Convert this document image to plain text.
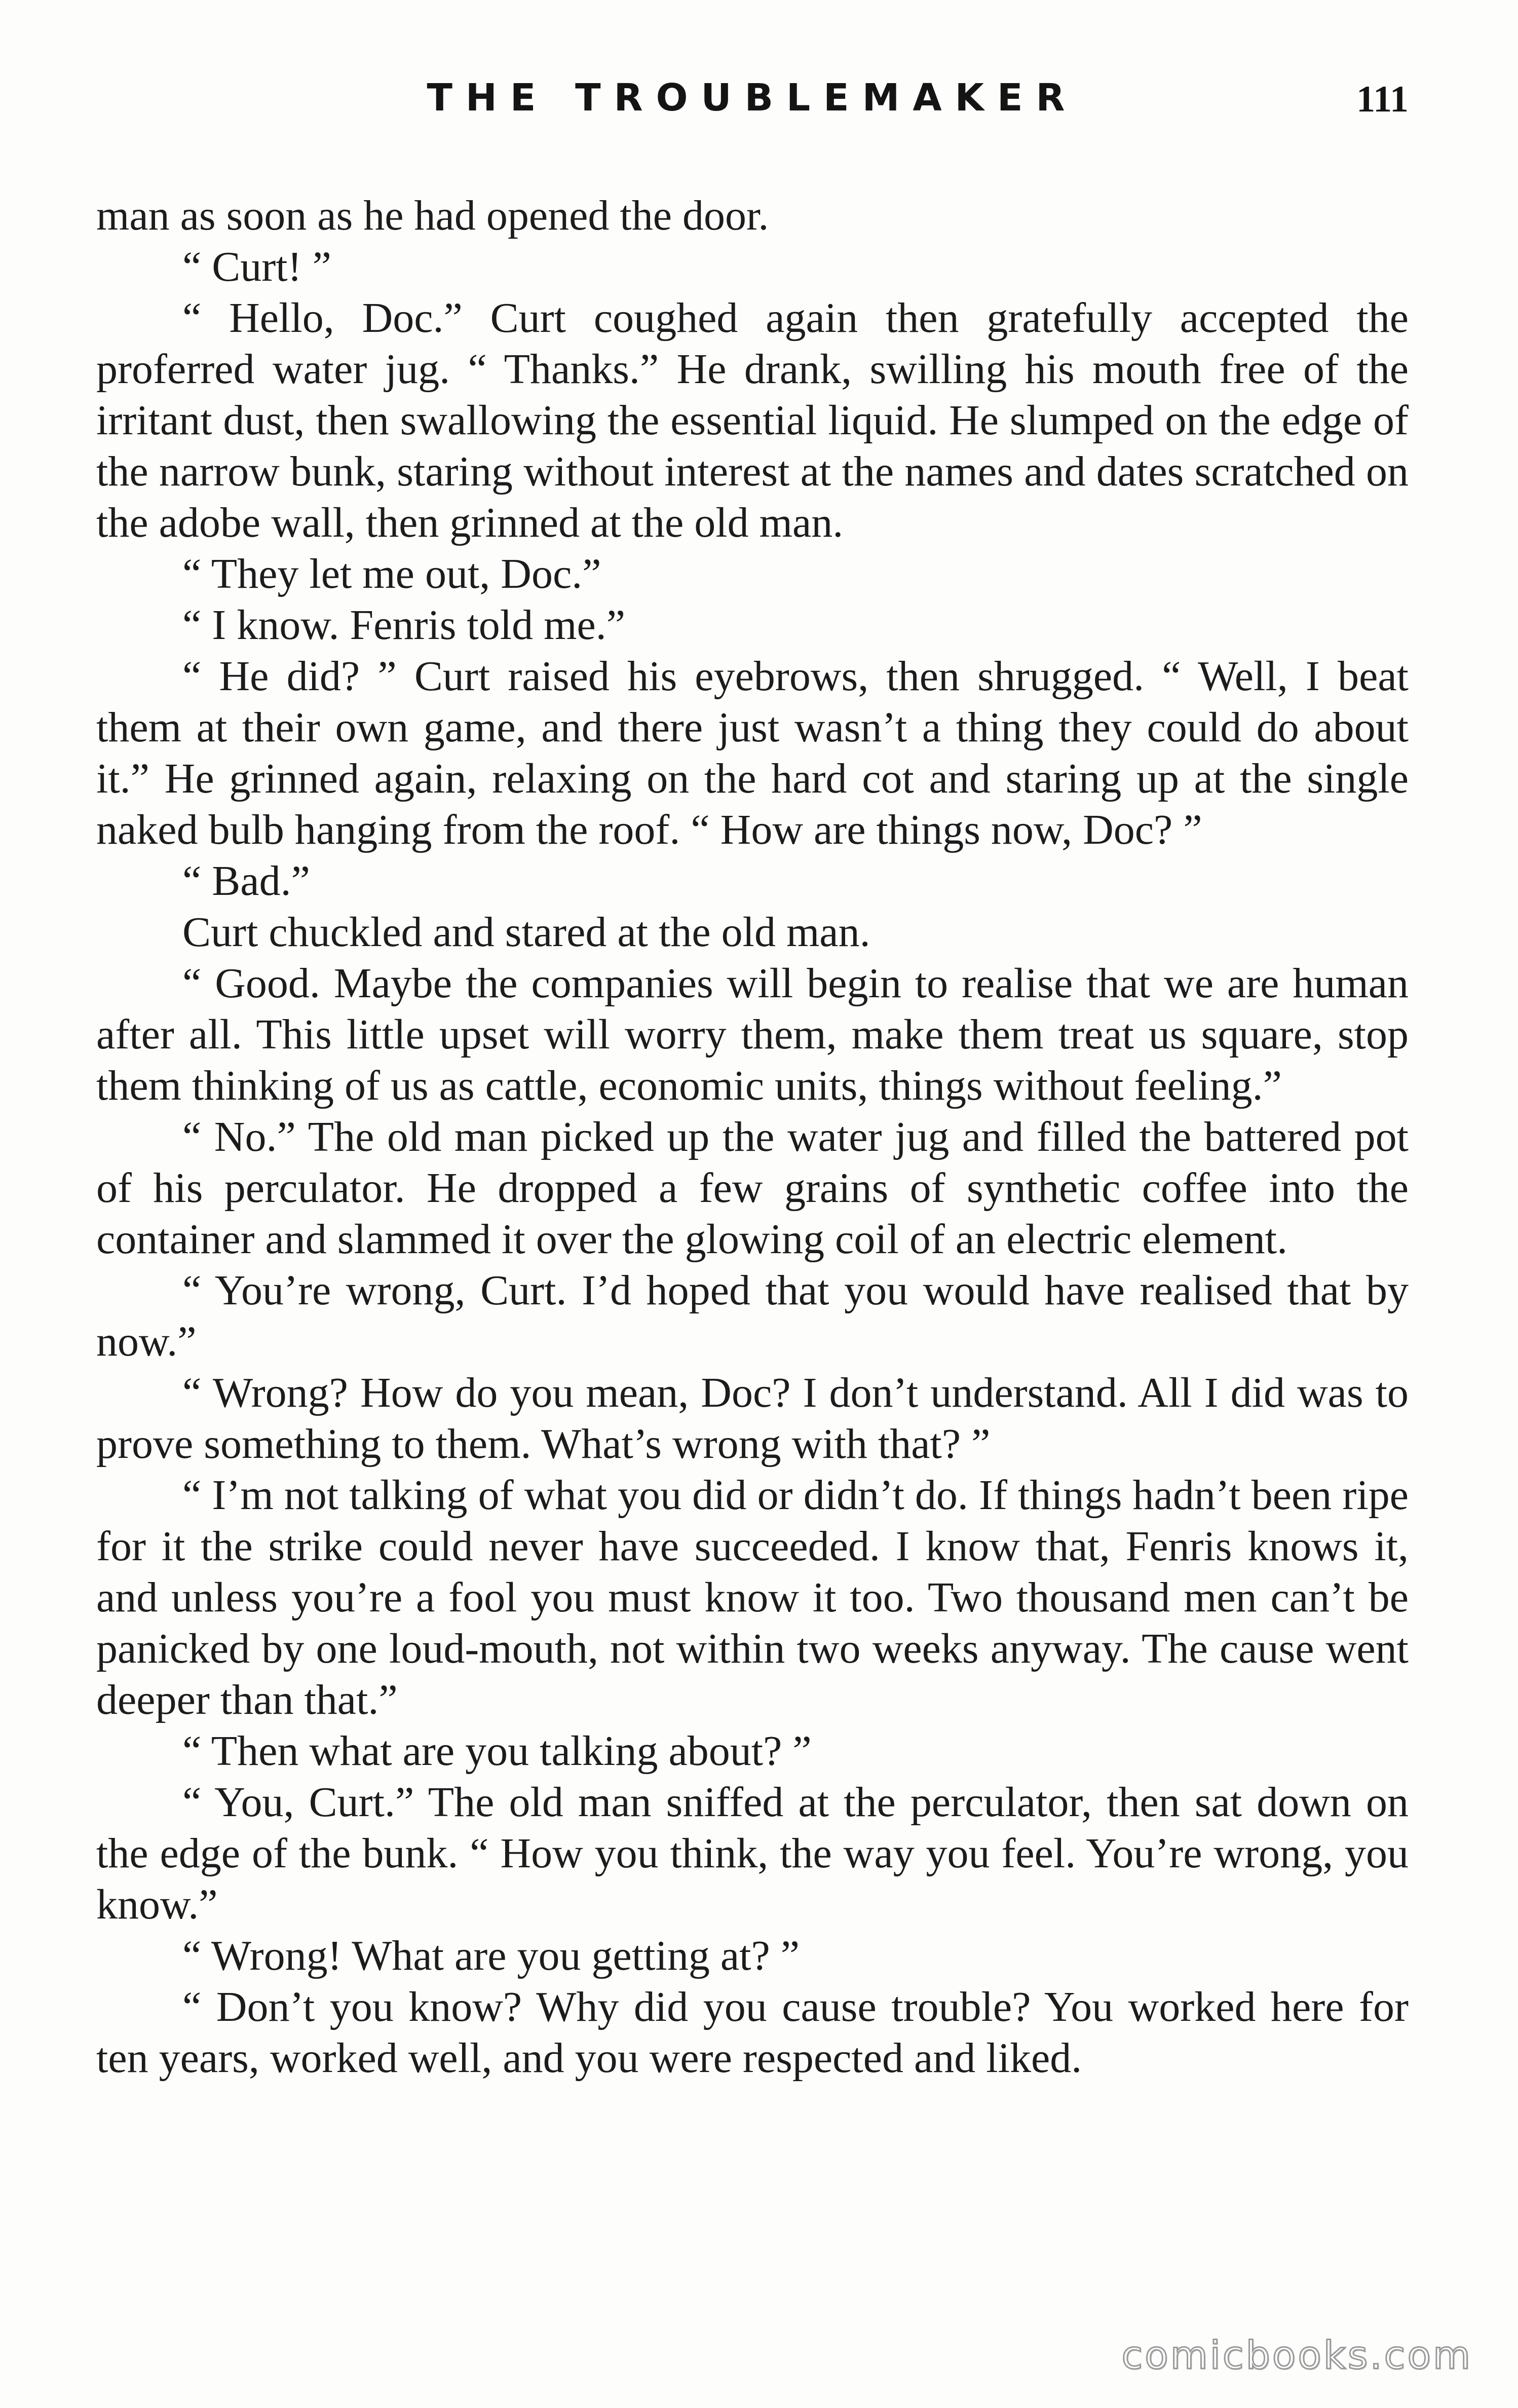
THE TROUBLEMAKER	111

man as soon as he had opened the door.

“ Curt! ”

“ Hello, Doc.” Curt coughed again then gratefully accepted the proferred water jug. “ Thanks.” He drank, swilling his mouth free of the irritant dust, then swallowing the essential liquid. He slumped on the edge of the narrow bunk, staring without interest at the names and dates scratched on the adobe wall, then grinned at the old man.

“ They let me out, Doc.”

“ I know. Fenris told me.”

“ He did? ” Curt raised his eyebrows, then shrugged. “ Well, I beat them at their own game, and there just wasn’t a thing they could do about it.” He grinned again, relaxing on the hard cot and staring up at the single naked bulb hanging from the roof. “ How are things now, Doc? ”

“ Bad.”

Curt chuckled and stared at the old man.

“ Good. Maybe the companies will begin to realise that we are human after all. This little upset will worry them, make them treat us square, stop them thinking of us as cattle, economic units, things without feeling.”

“ No.” The old man picked up the water jug and filled the battered pot of his perculator. He dropped a few grains of synthetic coffee into the container and slammed it over the glowing coil of an electric element.

“ You’re wrong, Curt. I’d hoped that you would have realised that by now.”

“ Wrong? How do you mean, Doc? I don’t understand. All I did was to prove something to them. What’s wrong with that? ”

“ I’m not talking of what you did or didn’t do. If things hadn’t been ripe for it the strike could never have succeeded. I know that, Fenris knows it, and unless you’re a fool you must know it too. Two thousand men can’t be panicked by one loud-mouth, not within two weeks anyway. The cause went deeper than that.”

“ Then what are you talking about? ”

“ You, Curt.” The old man sniffed at the perculator, then sat down on the edge of the bunk. “ How you think, the way you feel. You’re wrong, you know.”

“ Wrong! What are you getting at? ”

“ Don’t you know? Why did you cause trouble? You worked here for ten years, worked well, and you were respected and liked.

comicbooks.com
